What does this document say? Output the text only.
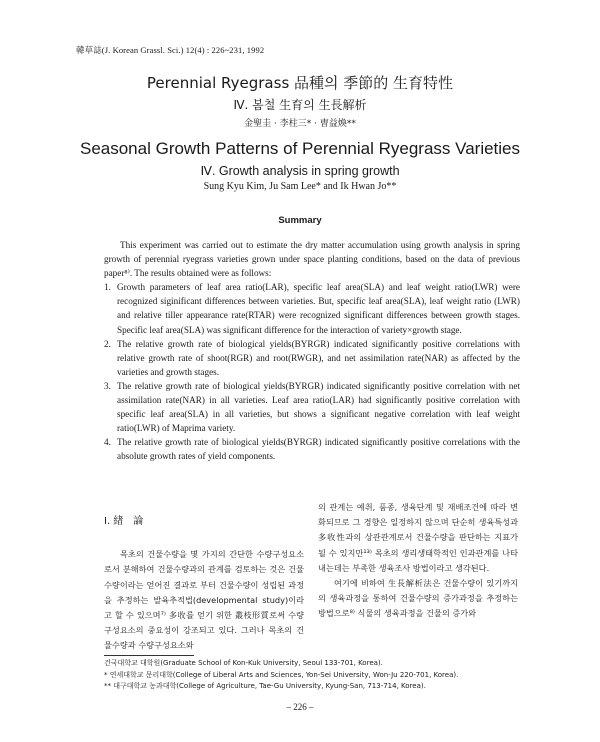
韓草誌(J. Korean Grassl. Sci.) 12(4) : 226~231, 1992
Perennial Ryegrass 品種의 季節的 生育特性
Ⅳ. 봄철 生育의 生長解析
金聖圭 · 李柱三* · 曺益煥**
Seasonal Growth Patterns of Perennial Ryegrass Varieties
Ⅳ. Growth analysis in spring growth
Sung Kyu Kim, Ju Sam Lee* and Ik Hwan Jo**
Summary

This experiment was carried out to estimate the dry matter accumulation using growth analysis in spring growth of perennial ryegrass varieties grown under space planting conditions, based on the data of previous paper⁸⁾. The results obtained were as follows:

1. Growth parameters of leaf area ratio(LAR), specific leaf area(SLA) and leaf weight ratio(LWR) were recognized siginificant differences between varieties. But, specific leaf area(SLA), leaf weight ratio (LWR) and relative tiller appearance rate(RTAR) were recognized significant differences between growth stages. Specific leaf area(SLA) was significant difference for the interaction of variety×growth stage.
2. The relative growth rate of biological yields(BYRGR) indicated significantly positive correlations with relative growth rate of shoot(RGR) and root(RWGR), and net assimilation rate(NAR) as affected by the varieties and growth stages.
3. The relative growth rate of biological yields(BYRGR) indicated significantly positive correlation with net assimilation rate(NAR) in all varieties. Leaf area ratio(LAR) had significantly positive correlation with specific leaf area(SLA) in all varieties, but shows a significant negative correlation with leaf weight ratio(LWR) of Maprima variety.
4. The relative growth rate of biological yields(BYRGR) indicated significantly positive correlations with the absolute growth rates of yield components.

Ⅰ. 緖　論

목초의 건물수량을 몇 가지의 간단한 수량구성요소로서 분해하여 건물수량과의 관계를 검토하는 것은 건물수량이라는 얻어진 결과로 부터 건물수량이 성립된 과정을 추정하는 발육추적법(developmental study)이라고 할 수 있으며⁷⁾ 多收를 얻기 위한 叢枝形質로써 수량구성요소의 중요성이 강조되고 있다. 그러나 목초의 건물수량과 수량구성요소와

의 관계는 예취, 품종, 생육단계 및 재배조건에 따라 변화되므로 그 경향은 일정하지 않으며 단순히 생육특성과 多收性과의 상관관계로서 건물수량을 판단하는 지표가 될 수 있지만¹³⁾ 목초의 생리생태학적인 인과관계를 나타내는데는 부족한 생육조사 방법이라고 생각된다.

여기에 비하여 生長解析法은 건물수량이 있기까지의 생육과정을 통하여 건물수량의 증가과정을 추정하는 방법으로⁸⁾ 식물의 생육과정을 건물의 증가와

건국대학교 대학원(Graduate School of Kon-Kuk University, Seoul 133-701, Korea).
* 연세대학교 문리대학(College of Liberal Arts and Sciences, Yon-Sei University, Won-Ju 220-701, Korea).
** 대구대학교 농과대학(College of Agriculture, Tae-Gu University, Kyung-San, 713-714, Korea).
– 226 –
